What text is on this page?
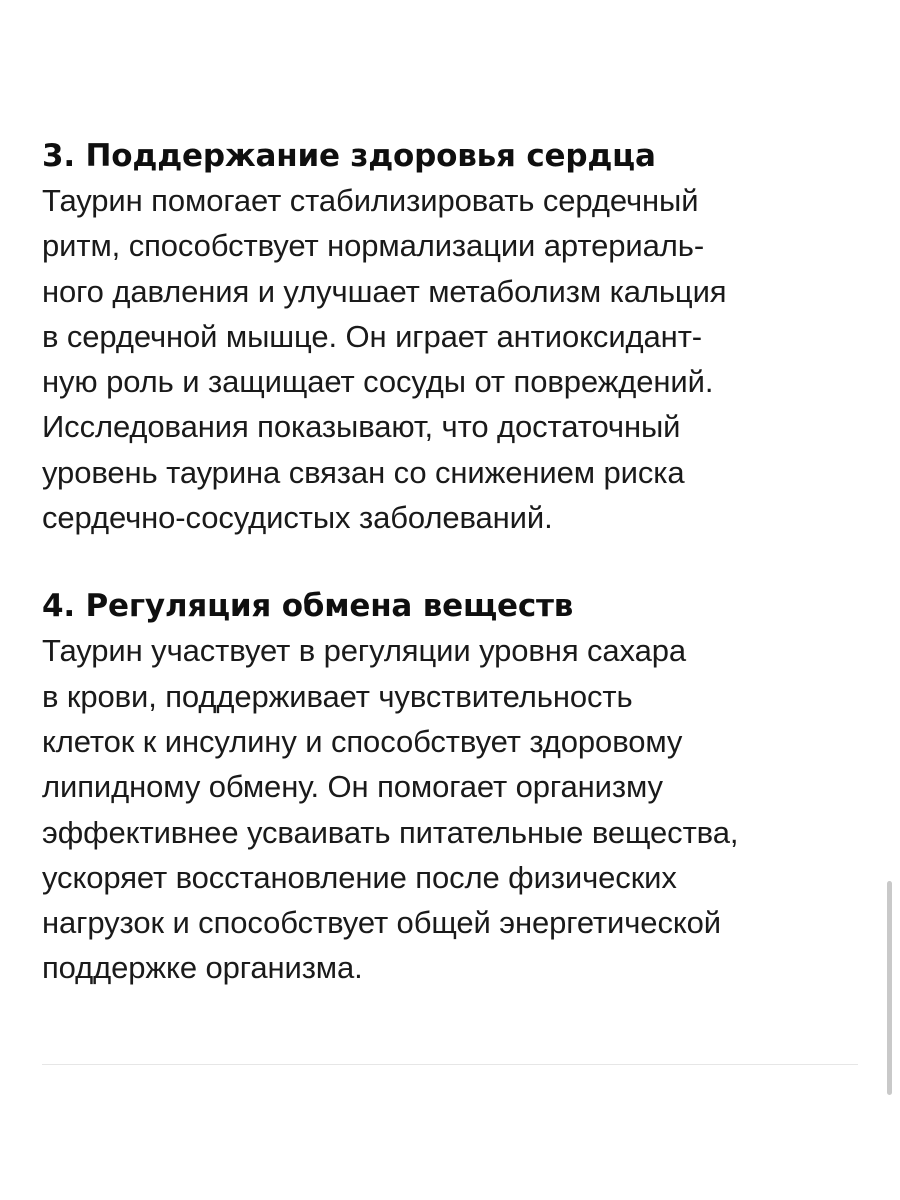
3. Поддержание здоровья сердца
Таурин помогает стабилизировать сердечный
ритм, способствует нормализации артериаль-
ного давления и улучшает метаболизм кальция
в сердечной мышце. Он играет антиоксидант-
ную роль и защищает сосуды от повреждений.
Исследования показывают, что достаточный
уровень таурина связан со снижением риска
сердечно-сосудистых заболеваний.
4. Регуляция обмена веществ
Таурин участвует в регуляции уровня сахара
в крови, поддерживает чувствительность
клеток к инсулину и способствует здоровому
липидному обмену. Он помогает организму
эффективнее усваивать питательные вещества,
ускоряет восстановление после физических
нагрузок и способствует общей энергетической
поддержке организма.
